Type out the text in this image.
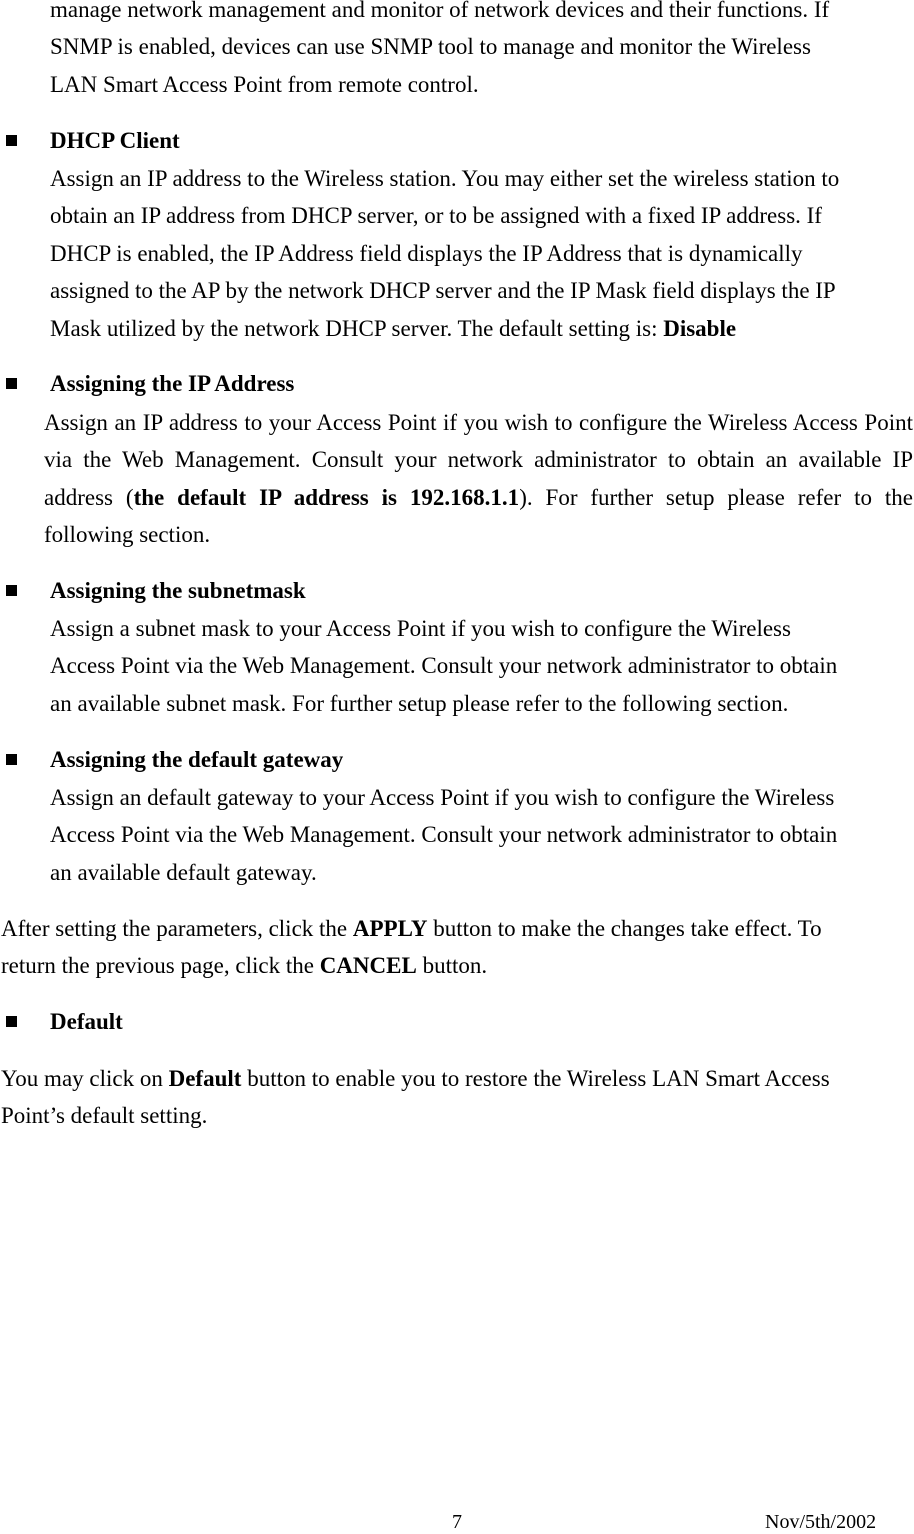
manage network management and monitor of network devices and their functions. If
SNMP is enabled, devices can use SNMP tool to manage and monitor the Wireless
LAN Smart Access Point from remote control.
DHCP Client
Assign an IP address to the Wireless station. You may either set the wireless station to
obtain an IP address from DHCP server, or to be assigned with a fixed IP address. If
DHCP is enabled, the IP Address field displays the IP Address that is dynamically
assigned to the AP by the network DHCP server and the IP Mask field displays the IP
Mask utilized by the network DHCP server. The default setting is: Disable
Assigning the IP Address
Assign an IP address to your Access Point if you wish to configure the Wireless Access Point via the Web Management. Consult your network administrator to obtain an available IP address (the default IP address is 192.168.1.1). For further setup please refer to the following section.
Assigning the subnetmask
Assign a subnet mask to your Access Point if you wish to configure the Wireless
Access Point via the Web Management. Consult your network administrator to obtain
an available subnet mask. For further setup please refer to the following section.
Assigning the default gateway
Assign an default gateway to your Access Point if you wish to configure the Wireless
Access Point via the Web Management. Consult your network administrator to obtain
an available default gateway.
After setting the parameters, click the APPLY button to make the changes take effect. To
return the previous page, click the CANCEL button.
Default
You may click on Default button to enable you to restore the Wireless LAN Smart Access
Point’s default setting.
7	Nov/5th/2002
